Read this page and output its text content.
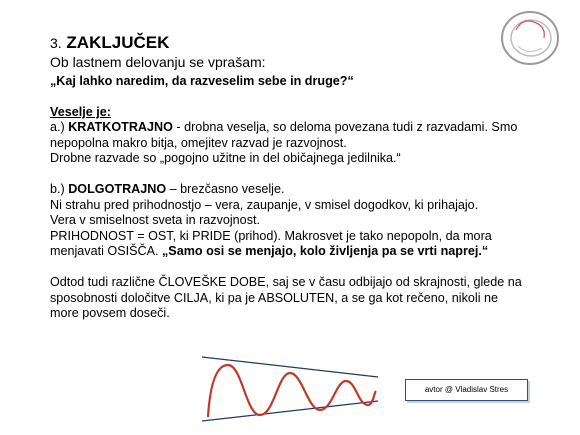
3. ZAKLJUČEK
Ob lastnem delovanju se vprašam:
„Kaj lahko naredim, da razveselim sebe in druge?“
Veselje je:
a.) KRATKOTRAJNO - drobna veselja, so deloma povezana tudi z razvadami. Smo
nepopolna makro bitja, omejitev razvad je razvojnost.
Drobne razvade so „pogojno užitne in del običajnega jedilnika.“
b.) DOLGOTRAJNO – brezčasno veselje.
Ni strahu pred prihodnostjo – vera, zaupanje, v smisel dogodkov, ki prihajajo.
Vera v smiselnost sveta in razvojnost.
PRIHODNOST = OST, ki PRIDE (prihod). Makrosvet je tako nepopoln, da mora
menjavati OSIŠČA. „Samo osi se menjajo, kolo življenja pa se vrti naprej.“
Odtod tudi različne ČLOVEŠKE DOBE, saj se v času odbijajo od skrajnosti, glede na
sposobnosti določitve CILJA, ki pa je ABSOLUTEN, a se ga kot rečeno, nikoli ne
more povsem doseči.
avtor @ Vladislav Stres
